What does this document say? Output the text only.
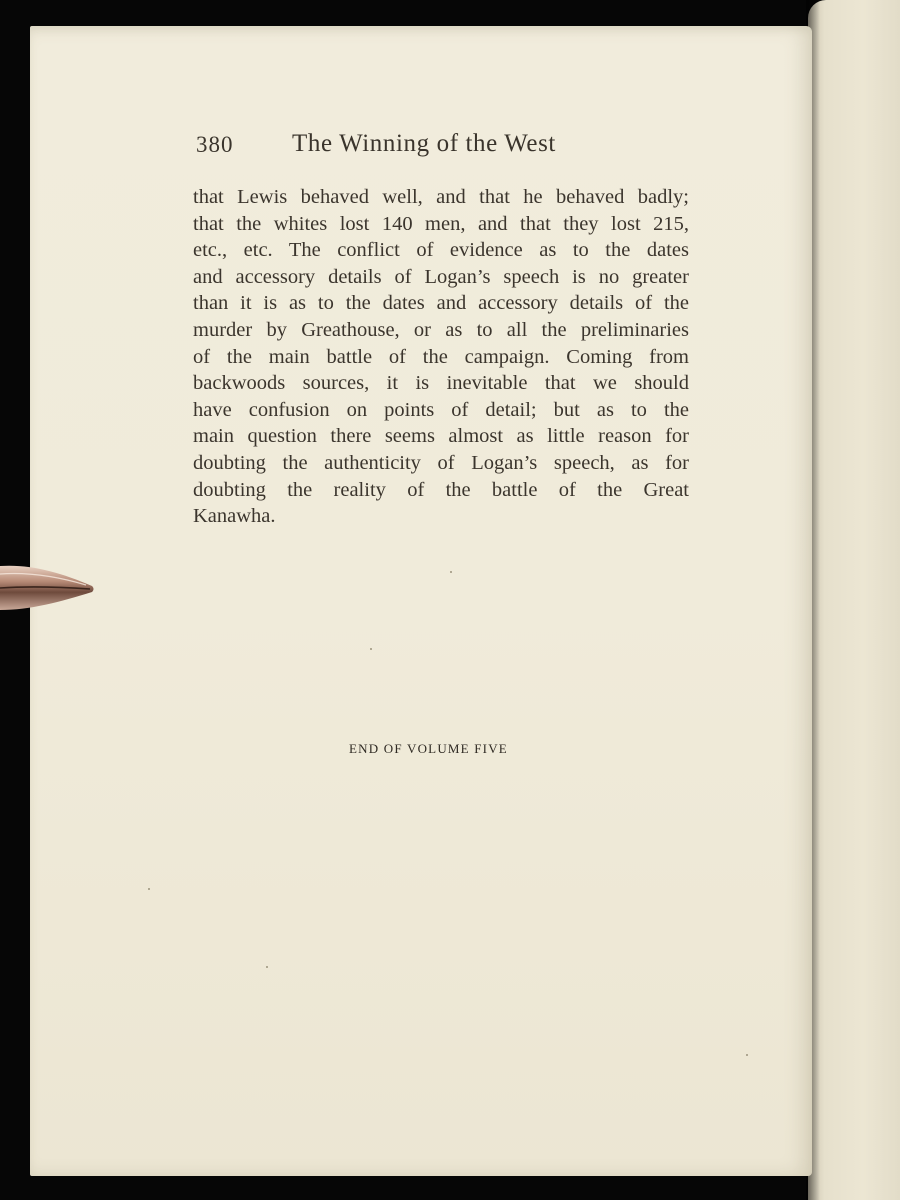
380 The Winning of the West
that Lewis behaved well, and that he behaved badly;
that the whites lost 140 men, and that they lost 215,
etc., etc. The conflict of evidence as to the dates
and accessory details of Logan’s speech is no greater
than it is as to the dates and accessory details of the
murder by Greathouse, or as to all the preliminaries
of the main battle of the campaign. Coming from
backwoods sources, it is inevitable that we should
have confusion on points of detail; but as to the
main question there seems almost as little reason for
doubting the authenticity of Logan’s speech, as for
doubting the reality of the battle of the Great
Kanawha.
END OF VOLUME FIVE
